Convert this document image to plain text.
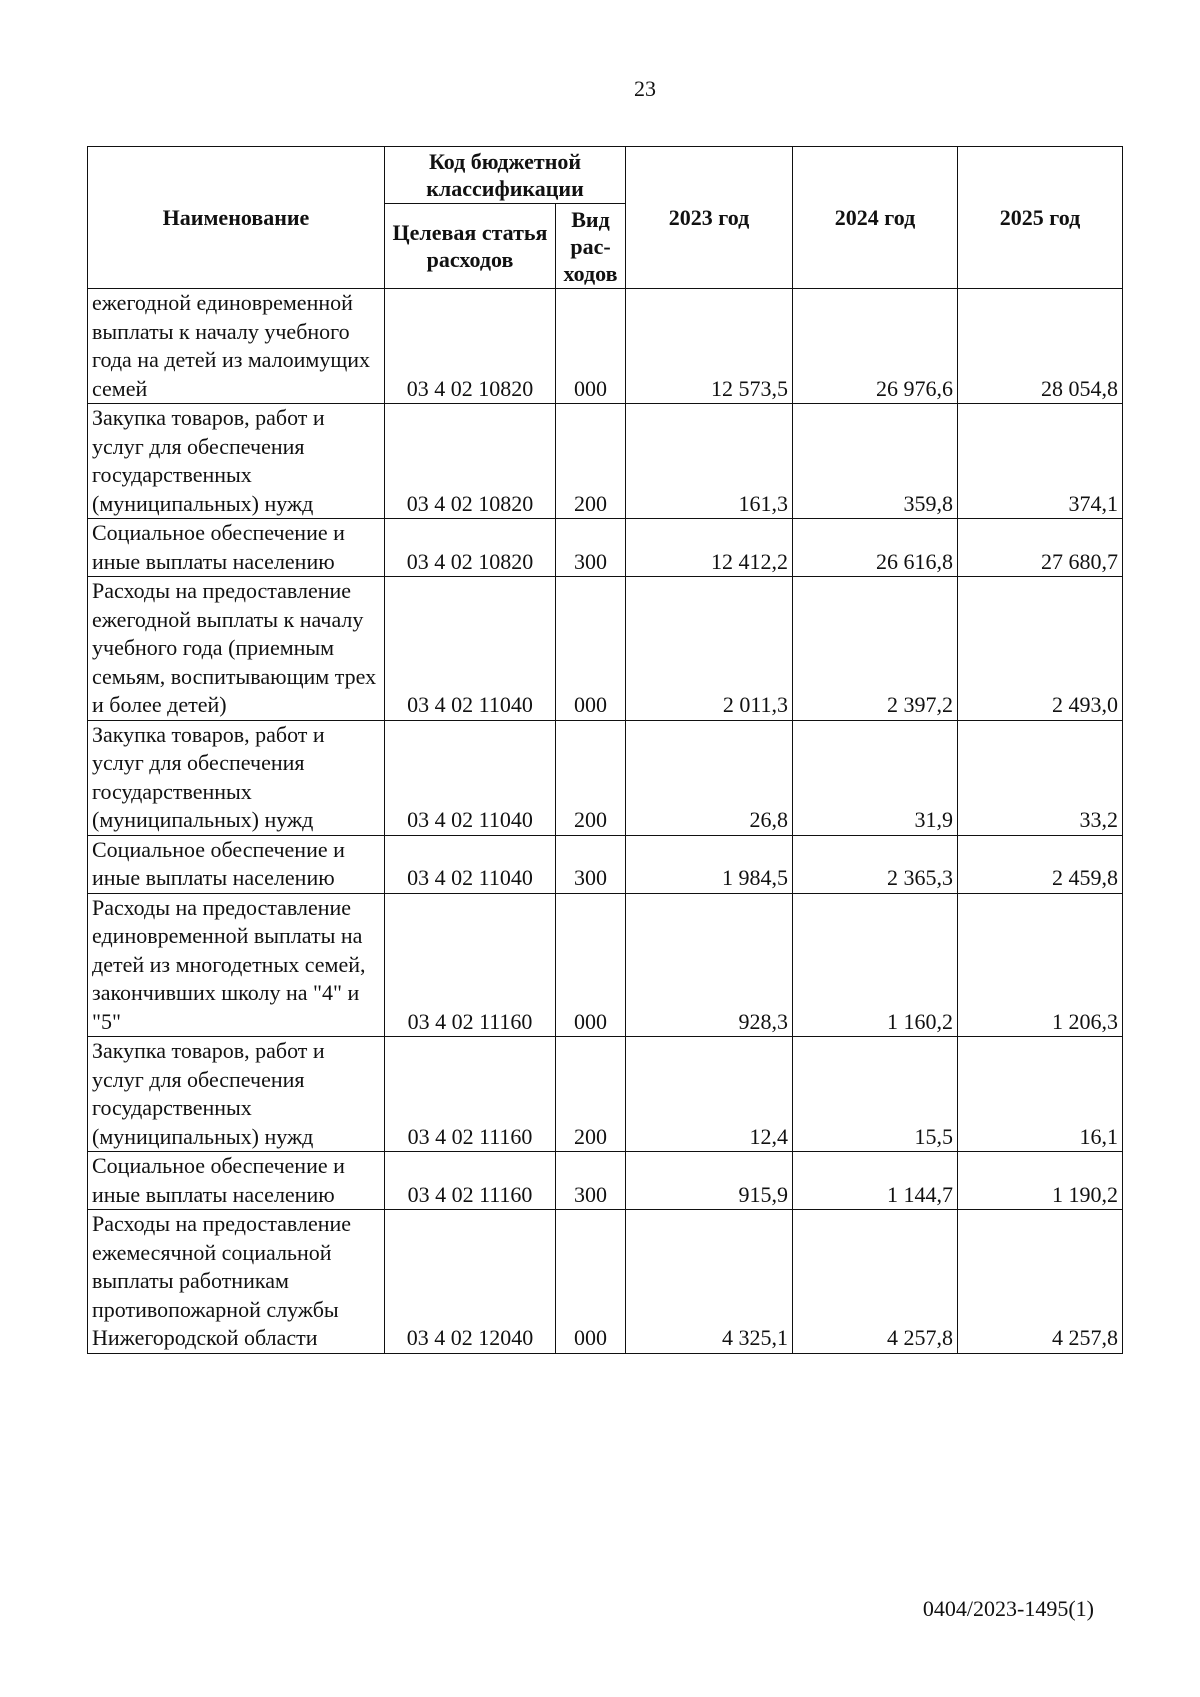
23
Наименование	Код бюджетной классификации		2023 год	2024 год	2025 год
	Целевая статья расходов	Вид рас-ходов			
ежегодной единовременной выплаты к началу учебного года на детей из малоимущих семей	03 4 02 10820	000	12 573,5	26 976,6	28 054,8
Закупка товаров, работ и услуг для обеспечения государственных (муниципальных) нужд	03 4 02 10820	200	161,3	359,8	374,1
Социальное обеспечение и иные выплаты населению	03 4 02 10820	300	12 412,2	26 616,8	27 680,7
Расходы на предоставление ежегодной выплаты к началу учебного года (приемным семьям, воспитывающим трех и более детей)	03 4 02 11040	000	2 011,3	2 397,2	2 493,0
Закупка товаров, работ и услуг для обеспечения государственных (муниципальных) нужд	03 4 02 11040	200	26,8	31,9	33,2
Социальное обеспечение и иные выплаты населению	03 4 02 11040	300	1 984,5	2 365,3	2 459,8
Расходы на предоставление единовременной выплаты на детей из многодетных семей, закончивших школу на "4" и "5"	03 4 02 11160	000	928,3	1 160,2	1 206,3
Закупка товаров, работ и услуг для обеспечения государственных (муниципальных) нужд	03 4 02 11160	200	12,4	15,5	16,1
Социальное обеспечение и иные выплаты населению	03 4 02 11160	300	915,9	1 144,7	1 190,2
Расходы на предоставление ежемесячной социальной выплаты работникам противопожарной службы Нижегородской области	03 4 02 12040	000	4 325,1	4 257,8	4 257,8
0404/2023-1495(1)
